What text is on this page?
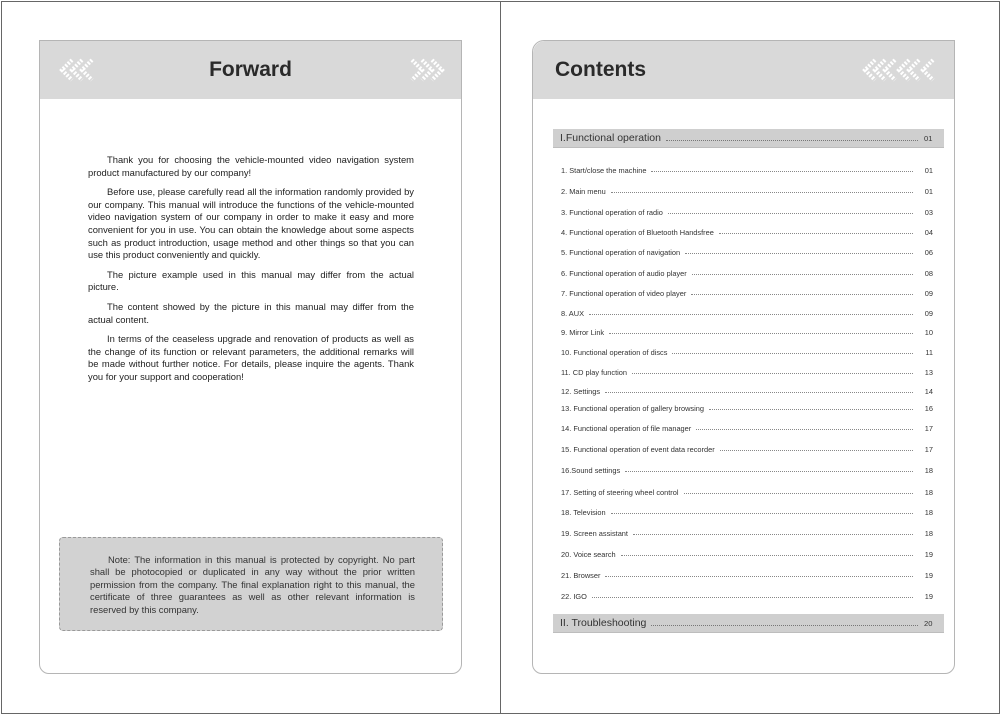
Forward

Thank you for choosing the vehicle-mounted video navigation system product manufactured by our company!

Before use, please carefully read all the information randomly provided by our company. This manual will introduce the functions of the vehicle-mounted video navigation system of our company in order to make it easy and more convenient for you in use. You can obtain the knowledge about some aspects such as product introduction, usage method and other things so that you can use this product conveniently and quickly.

The picture example used in this manual may differ from the actual picture.

The content showed by the picture in this manual may differ from the actual content.

In terms of the ceaseless upgrade and renovation of products as well as the change of its function or relevant parameters, the additional remarks will be made without further notice. For details, please inquire the agents. Thank you for your support and cooperation!

Note: The information in this manual is protected by copyright. No part shall be photocopied or duplicated in any way without the prior written permission from the company. The final explanation right to this manual, the certificate of three guarantees as well as other relevant information is reserved by this company.

Contents
I.Functional operation	01
1. Start/close the machine	01
2. Main menu	01
3. Functional operation of radio	03
4. Functional operation of Bluetooth Handsfree	04
5. Functional operation of navigation	06
6. Functional operation of audio player	08
7. Functional operation of video player	09
8. AUX	09
9. Mirror Link	10
10. Functional operation of discs	11
11. CD play function	13
12. Settings	14
13. Functional operation of gallery browsing	16
14. Functional operation of file manager	17
15. Functional operation of event data recorder	17
16.Sound settings	18
17. Setting of steering wheel control	18
18. Television	18
19. Screen assistant	18
20. Voice search	19
21. Browser	19
22. IGO	19
II. Troubleshooting	20
